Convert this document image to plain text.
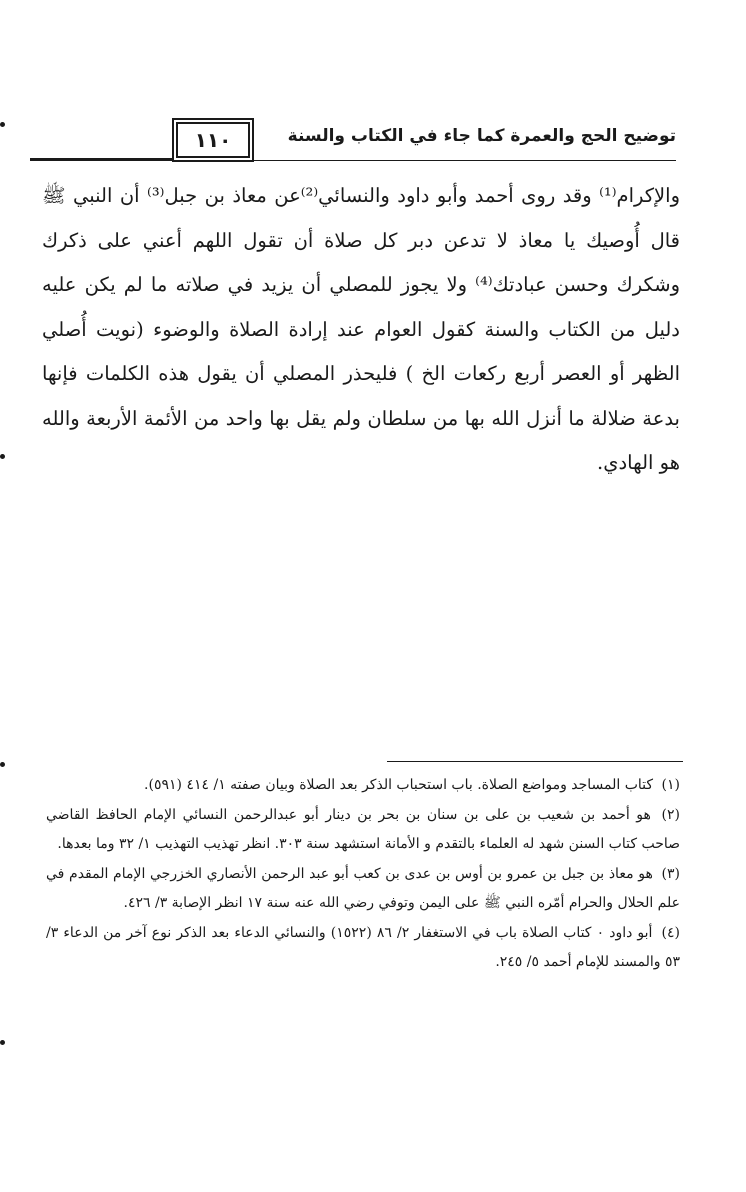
توضيح الحج والعمرة كما جاء في الكتاب والسنة
١١٠

والإكرام⁽¹⁾ وقد روى أحمد وأبو داود والنسائي⁽²⁾عن معاذ بن جبل⁽³⁾ أن النبي ﷺ قال أُوصيك يا معاذ لا تدعن دبر كل صلاة أن تقول اللهم أعني على ذكرك وشكرك وحسن عبادتك⁽⁴⁾ ولا يجوز للمصلي أن يزيد في صلاته ما لم يكن عليه دليل من الكتاب والسنة كقول العوام عند إرادة الصلاة والوضوء (نويت أُصلي الظهر أو العصر أربع ركعات الخ ) فليحذر المصلي أن يقول هذه الكلمات فإنها بدعة ضلالة ما أنزل الله بها من سلطان ولم يقل بها واحد من الأئمة الأربعة والله هو الهادي.

(١) كتاب المساجد ومواضع الصلاة. باب استحباب الذكر بعد الصلاة وبيان صفته ١/ ٤١٤ (٥٩١).

(٢) هو أحمد بن شعيب بن على بن سنان بن بحر بن دينار أبو عبدالرحمن النسائي الإمام الحافظ القاضي صاحب كتاب السنن شهد له العلماء بالتقدم و الأمانة استشهد سنة ٣٠٣. انظر تهذيب التهذيب ١/ ٣٢ وما بعدها.

(٣) هو معاذ بن جبل بن عمرو بن أوس بن عدى بن كعب أبو عبد الرحمن الأنصاري الخزرجي الإمام المقدم في علم الحلال والحرام أمّره النبي ﷺ على اليمن وتوفي رضي الله عنه سنة ١٧ انظر الإصابة ٣/ ٤٢٦.

(٤) أبو داود ٠ كتاب الصلاة باب في الاستغفار ٢/ ٨٦ (١٥٢٢) والنسائي الدعاء بعد الذكر نوع آخر من الدعاء ٣/ ٥٣ والمسند للإمام أحمد ٥/ ٢٤٥.
